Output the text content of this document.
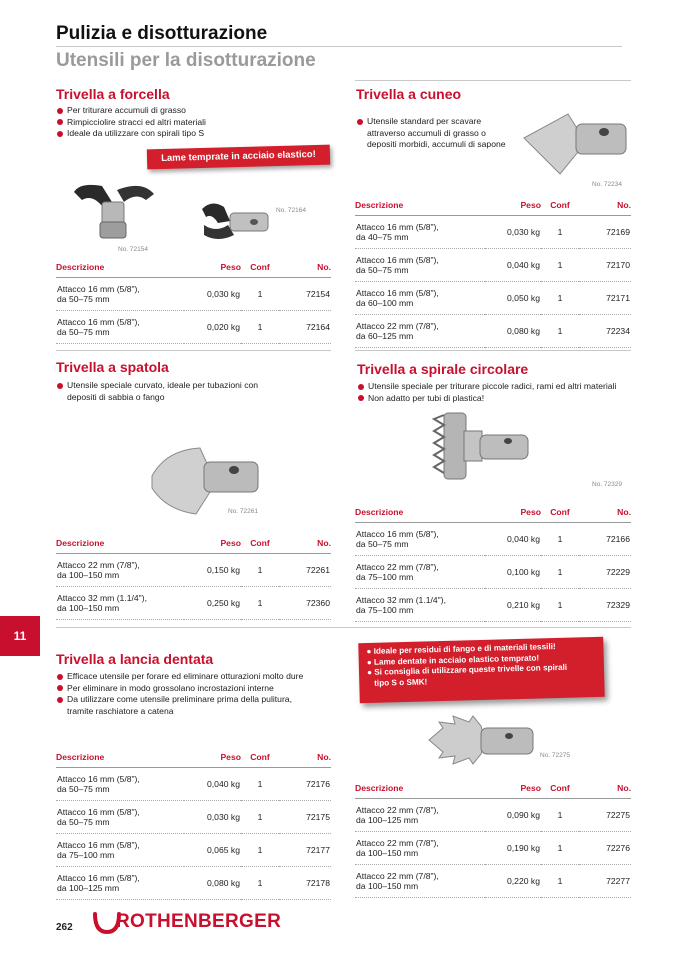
Pulizia e disotturazione
Utensili per la disotturazione
Trivella a forcella
Per triturare accumuli di grasso
Rimpicciolire stracci ed altri materiali
Ideale da utilizzare con spirali tipo S
Lame temprate in acciaio elastico!
No. 72154
No. 72164
Descrizione	Peso	Conf	No.
Attacco 16 mm (5/8"),
da 50–75 mm	0,030 kg	1	72154
Attacco 16 mm (5/8"),
da 50–75 mm	0,020 kg	1	72164
Trivella a cuneo
Utensile standard per scavare
attraverso accumuli di grasso o
depositi morbidi, accumuli di sapone
No. 72234
Descrizione	Peso	Conf	No.
Attacco 16 mm (5/8"),
da 40–75 mm	0,030 kg	1	72169
Attacco 16 mm (5/8"),
da 50–75 mm	0,040 kg	1	72170
Attacco 16 mm (5/8"),
da 60–100 mm	0,050 kg	1	72171
Attacco 22 mm (7/8"),
da 60–125 mm	0,080 kg	1	72234
Trivella a spatola
Utensile speciale curvato, ideale per tubazioni con
depositi di sabbia o fango
No. 72261
Descrizione	Peso	Conf	No.
Attacco 22 mm (7/8"),
da 100–150 mm	0,150 kg	1	72261
Attacco 32 mm (1.1/4"),
da 100–150 mm	0,250 kg	1	72360
Trivella a spirale circolare
Utensile speciale per triturare piccole radici, rami ed altri materiali
Non adatto per tubi di plastica!
No. 72329
Descrizione	Peso	Conf	No.
Attacco 16 mm (5/8"),
da 50–75 mm	0,040 kg	1	72166
Attacco 22 mm (7/8"),
da 75–100 mm	0,100 kg	1	72229
Attacco 32 mm (1.1/4"),
da 75–100 mm	0,210 kg	1	72329
11
Trivella a lancia dentata
Efficace utensile per forare ed eliminare otturazioni molto dure
Per eliminare in modo grossolano incrostazioni interne
Da utilizzare come utensile preliminare prima della pulitura,
tramite raschiatore a catena
Descrizione	Peso	Conf	No.
Attacco 16 mm (5/8"),
da 50–75 mm	0,040 kg	1	72176
Attacco 16 mm (5/8"),
da 50–75 mm	0,030 kg	1	72175
Attacco 16 mm (5/8"),
da 75–100 mm	0,065 kg	1	72177
Attacco 16 mm (5/8"),
da 100–125 mm	0,080 kg	1	72178
● Ideale per residui di fango e di materiali tessili!
● Lame dentate in acciaio elastico temprato!
● Si consiglia di utilizzare queste trivelle con spirali
tipo S o SMK!
No. 72275
Descrizione	Peso	Conf	No.
Attacco 22 mm (7/8"),
da 100–125 mm	0,090 kg	1	72275
Attacco 22 mm (7/8"),
da 100–150 mm	0,190 kg	1	72276
Attacco 22 mm (7/8"),
da 100–150 mm	0,220 kg	1	72277
262 ROTHENBERGER
